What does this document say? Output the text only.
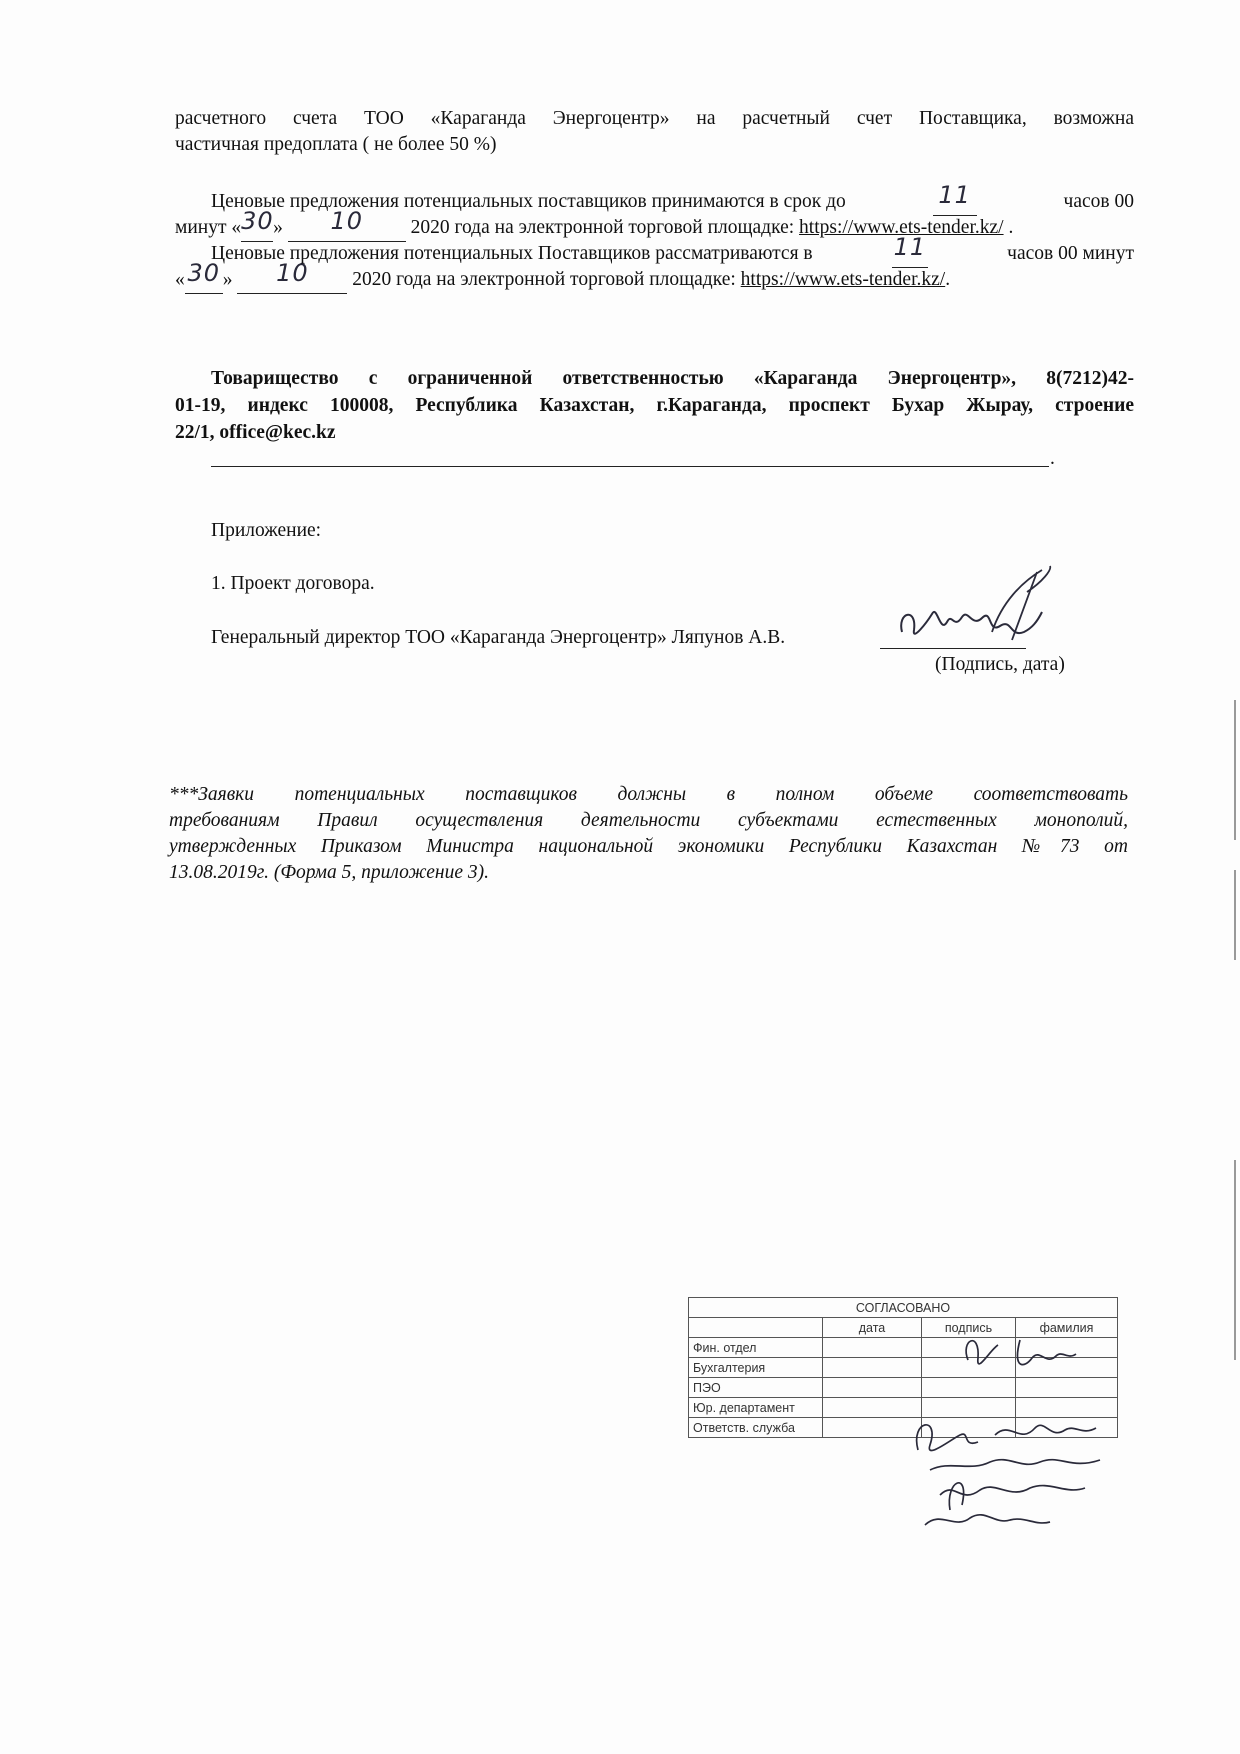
расчетного счета ТОО «Караганда Энергоцентр» на расчетный счет Поставщика, возможна
частичная предоплата ( не более 50 %)
Ценовые предложения потенциальных поставщиков принимаются в срок до	11	часов 00
минут «30» 10 2020 года на электронной торговой площадке: https://www.ets-tender.kz/ .
Ценовые предложения потенциальных Поставщиков рассматриваются в	11	часов 00 минут
« 30 » 10 2020 года на электронной торговой площадке: https://www.ets-tender.kz/.
Товарищество с ограниченной ответственностью «Караганда Энергоцентр», 8(7212)42-
01-19, индекс 100008, Республика Казахстан, г.Караганда, проспект Бухар Жырау, строение
22/1, office@kec.kz
.
Приложение:
1. Проект договора.
Генеральный директор ТОО «Караганда Энергоцентр» Ляпунов А.В.
(Подпись, дата)
***Заявки потенциальных поставщиков должны в полном объеме соответствовать
требованиям Правил осуществления деятельности субъектами естественных монополий,
утвержденных Приказом Министра национальной экономики Республики Казахстан №73 от
13.08.2019г. (Форма 5, приложение 3).
СОГЛАСОВАНО			
	дата	подпись	фамилия
Фин. отдел			
Бухгалтерия			
ПЭО			
Юр. департамент			
Ответств. служба			
